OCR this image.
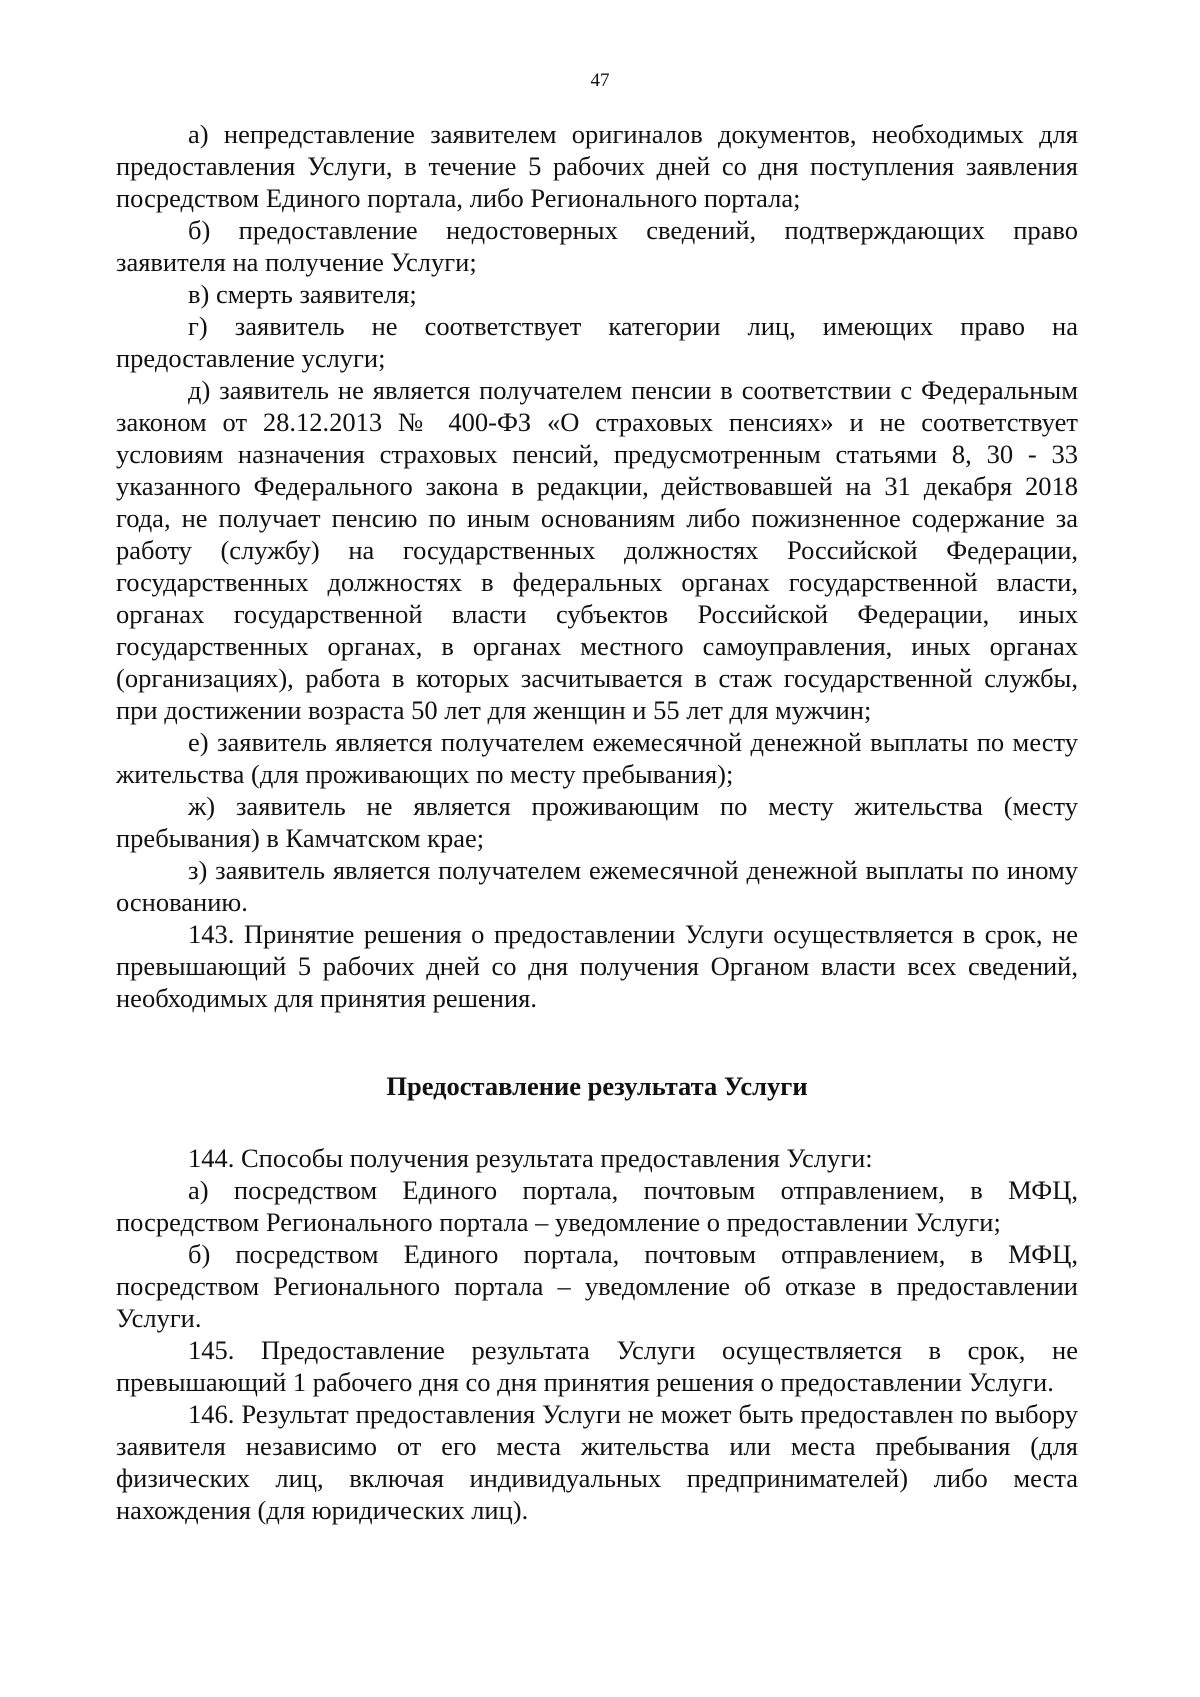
47

а) непредставление заявителем оригиналов документов, необходимых для предоставления Услуги, в течение 5 рабочих дней со дня поступления заявления посредством Единого портала, либо Регионального портала;

б) предоставление недостоверных сведений, подтверждающих право заявителя на получение Услуги;

в) смерть заявителя;

г) заявитель не соответствует категории лиц, имеющих право на предоставление услуги;

д) заявитель не является получателем пенсии в соответствии с Федеральным законом от 28.12.2013 № 400-ФЗ «О страховых пенсиях» и не соответствует условиям назначения страховых пенсий, предусмотренным статьями 8, 30 - 33 указанного Федерального закона в редакции, действовавшей на 31 декабря 2018 года, не получает пенсию по иным основаниям либо пожизненное содержание за работу (службу) на государственных должностях Российской Федерации, государственных должностях в федеральных органах государственной власти, органах государственной власти субъектов Российской Федерации, иных государственных органах, в органах местного самоуправления, иных органах (организациях), работа в которых засчитывается в стаж государственной службы, при достижении возраста 50 лет для женщин и 55 лет для мужчин;

е) заявитель является получателем ежемесячной денежной выплаты по месту жительства (для проживающих по месту пребывания);

ж) заявитель не является проживающим по месту жительства (месту пребывания) в Камчатском крае;

з) заявитель является получателем ежемесячной денежной выплаты по иному основанию.

143. Принятие решения о предоставлении Услуги осуществляется в срок, не превышающий 5 рабочих дней со дня получения Органом власти всех сведений, необходимых для принятия решения.

Предоставление результата Услуги

144. Способы получения результата предоставления Услуги:

а) посредством Единого портала, почтовым отправлением, в МФЦ, посредством Регионального портала – уведомление о предоставлении Услуги;

б) посредством Единого портала, почтовым отправлением, в МФЦ, посредством Регионального портала – уведомление об отказе в предоставлении Услуги.

145. Предоставление результата Услуги осуществляется в срок, не превышающий 1 рабочего дня со дня принятия решения о предоставлении Услуги.

146. Результат предоставления Услуги не может быть предоставлен по выбору заявителя независимо от его места жительства или места пребывания (для физических лиц, включая индивидуальных предпринимателей) либо места нахождения (для юридических лиц).
